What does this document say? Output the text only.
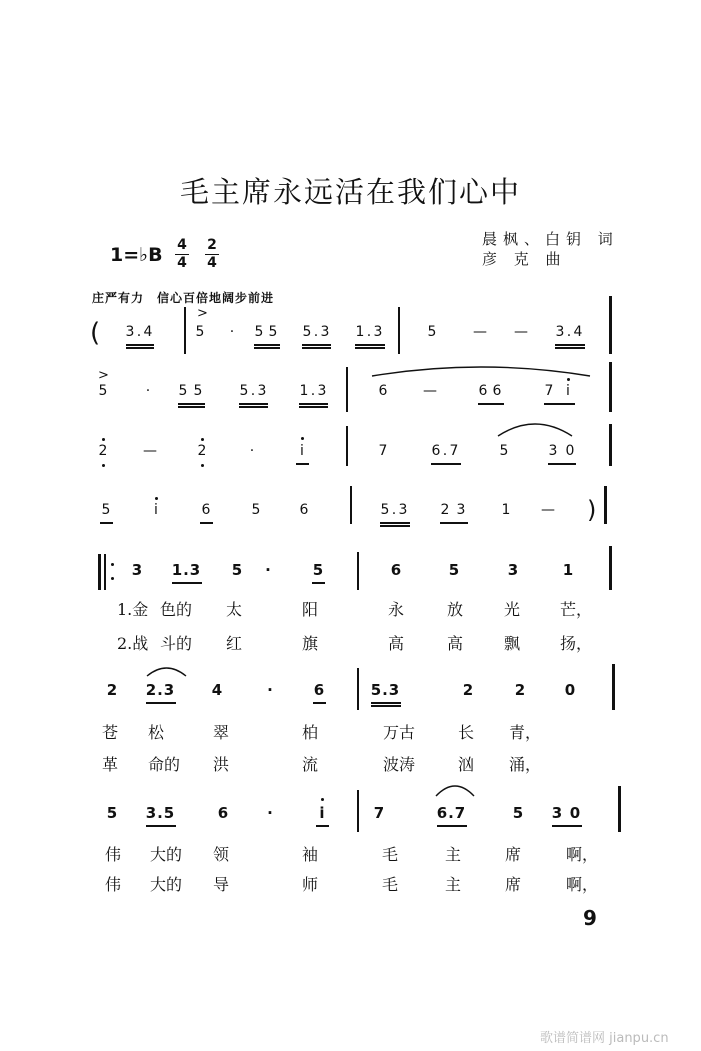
毛主席永远活在我们心中
晨枫、白钥 词
彦 克 曲
1=♭B 4
4
2
4
庄严有力　信心百倍地阔步前进
( 3 . 4
>
5	·	5 5 5 . 3 1 . 3	5	— — 3 . 4
>
5	·	5 5	5 . 3 1 . 3	6	—	6 6	7 i
2	—	2	·	i	7	6 . 7	5	3 0
5	i	6	5	6	5 . 3 2 3	1 — )
3 1 . 3 5 ·	5	6	5	3	1
2 2 . 3	4	·	6	5 . 3	2	2	0
5 3 . 5	6	·	i	7	6 . 7	5 3 0
1.金 色的 太	阳	永	放	光 芒，
苍 松	翠	柏	万古	长 青，
伟 大的 领	袖	毛	主	席	啊，
2.战 斗的 红	旗	高	高	飘 扬，
革 命的 洪	流	波涛	汹 涌，
伟 大的 导	师	毛	主	席	啊，
9
歌谱简谱网 jianpu.cn
